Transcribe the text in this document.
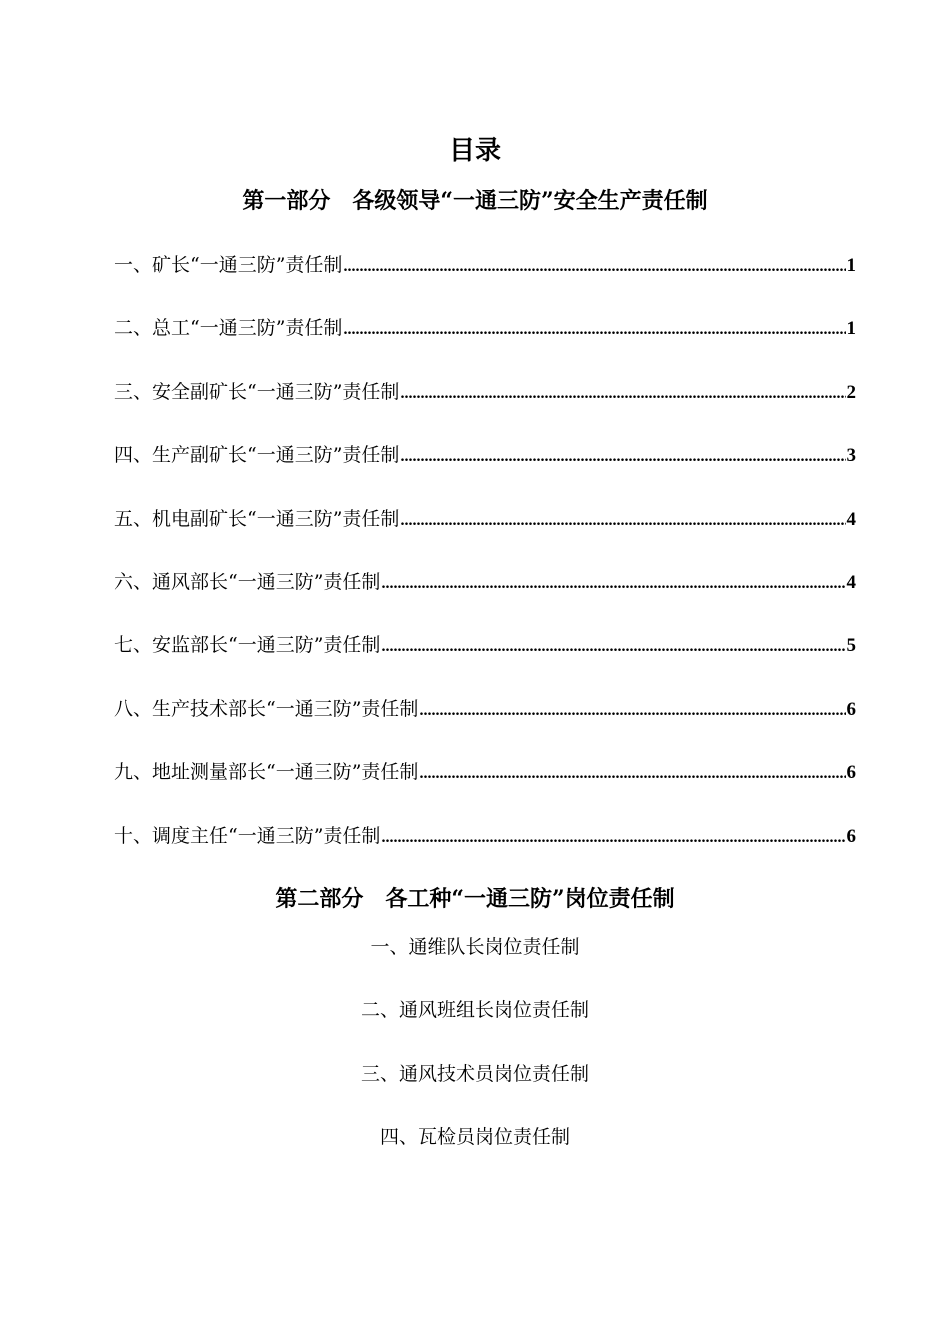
目录
第一部分　各级领导“一通三防”安全生产责任制
一、矿长“一通三防”责任制 .....	1
二、总工“一通三防”责任制 .....	1
三、安全副矿长“一通三防”责任制 .....	2
四、生产副矿长“一通三防”责任制 .....	3
五、机电副矿长“一通三防”责任制 .....	4
六、通风部长“一通三防”责任制 .....	4
七、安监部长“一通三防”责任制 .....	5
八、生产技术部长“一通三防”责任制 .....	6
九、地址测量部长“一通三防”责任制 .....	6
十、调度主任“一通三防”责任制 .....	6
第二部分　各工种“一通三防”岗位责任制
一、通维队长岗位责任制
二、通风班组长岗位责任制
三、通风技术员岗位责任制
四、瓦检员岗位责任制
